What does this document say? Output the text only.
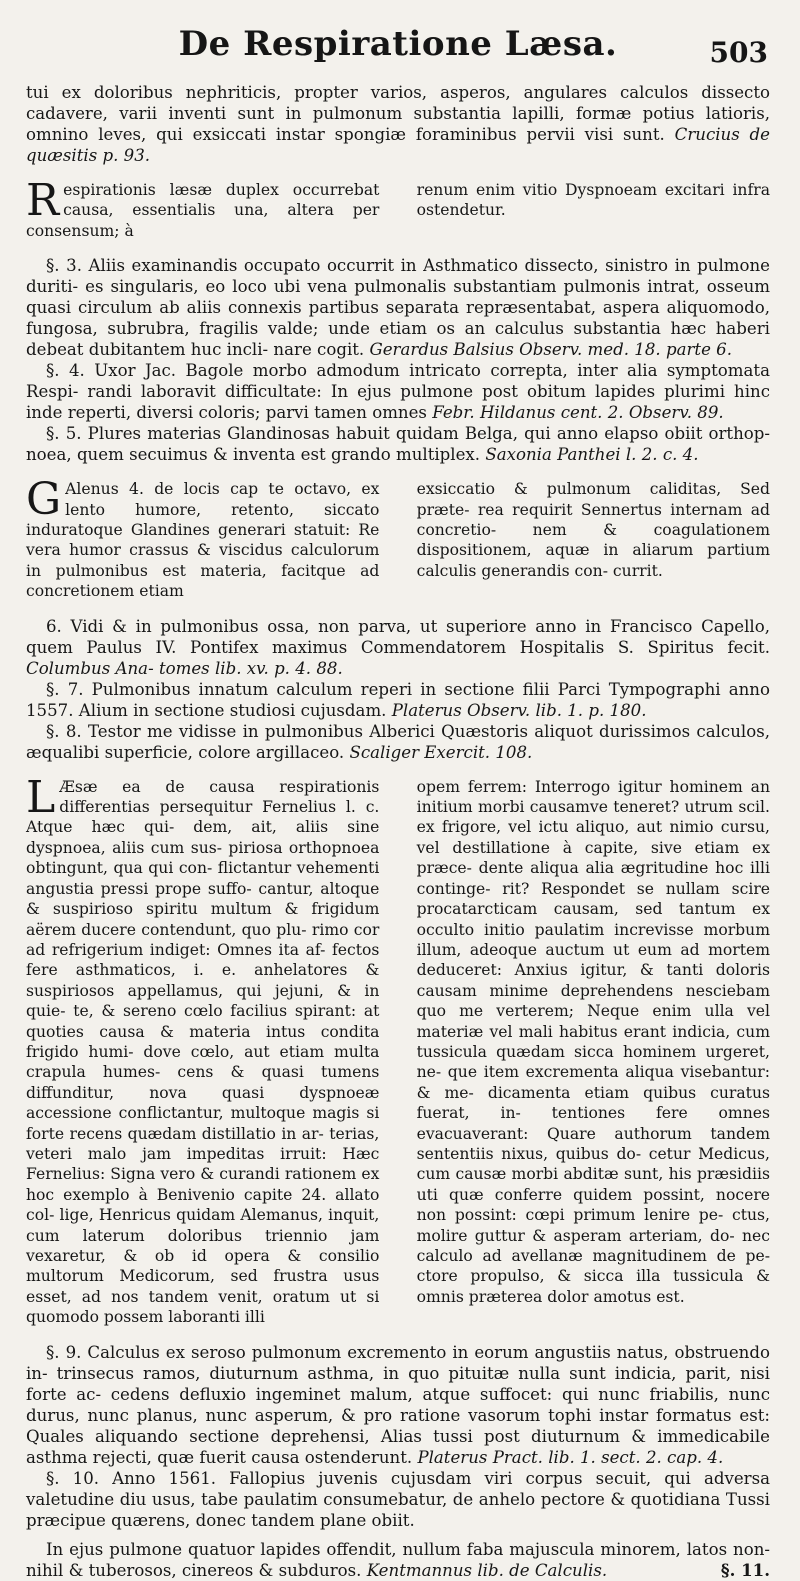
De Respiratione Læsa.	503

tui ex doloribus nephriticis, propter varios, asperos, angulares calculos dissecto cadavere, varii inventi sunt in pulmonum substantia lapilli, formæ potius latioris, omnino leves, qui exsiccati instar spongiæ foraminibus pervii visi sunt. Crucius de quæsitis p. 93.

Respirationis læsæ duplex occurrebat causa, essentialis una, altera per consensum; à
renum enim vitio Dyspnoeam excitari infra ostendetur.

§. 3. Aliis examinandis occupato occurrit in Asthmatico dissecto, sinistro in pulmone duriti- es singularis, eo loco ubi vena pulmonalis substantiam pulmonis intrat, osseum quasi circulum ab aliis connexis partibus separata repræsentabat, aspera aliquomodo, fungosa, subrubra, fragilis valde; unde etiam os an calculus substantia hæc haberi debeat dubitantem huc incli- nare cogit. Gerardus Balsius Observ. med. 18. parte 6.

§. 4. Uxor Jac. Bagole morbo admodum intricato correpta, inter alia symptomata Respi- randi laboravit difficultate: In ejus pulmone post obitum lapides plurimi hinc inde reperti, diversi coloris; parvi tamen omnes Febr. Hildanus cent. 2. Observ. 89.

§. 5. Plures materias Glandinosas habuit quidam Belga, qui anno elapso obiit orthop- noea, quem secuimus & inventa est grando multiplex. Saxonia Panthei l. 2. c. 4.

G Alenus 4. de locis cap te octavo, ex lento humore, retento, siccato induratoque Glandines generari statuit: Re vera humor crassus & viscidus calculorum in pulmonibus est materia, facitque ad concretionem etiam
exsiccatio & pulmonum caliditas, Sed præte- rea requirit Sennertus internam ad concretio- nem & coagulationem dispositionem, aquæ in aliarum partium calculis generandis con- currit.

6. Vidi & in pulmonibus ossa, non parva, ut superiore anno in Francisco Capello, quem Paulus IV. Pontifex maximus Commendatorem Hospitalis S. Spiritus fecit. Columbus Ana- tomes lib. xv. p. 4. 88.

§. 7. Pulmonibus innatum calculum reperi in sectione filii Parci Tympographi anno 1557. Alium in sectione studiosi cujusdam. Platerus Observ. lib. 1. p. 180.

§. 8. Testor me vidisse in pulmonibus Alberici Quæstoris aliquot durissimos calculos, æqualibi superficie, colore argillaceo. Scaliger Exercit. 108.

L Æsæ ea de causa respirationis differentias persequitur Fernelius l. c. Atque hæc qui- dem, ait, aliis sine dyspnoea, aliis cum sus- piriosa orthopnoea obtingunt, qua qui con- flictantur vehementi angustia pressi prope suffo- cantur, altoque & suspirioso spiritu multum & frigidum aërem ducere contendunt, quo plu- rimo cor ad refrigerium indiget: Omnes ita af- fectos fere asthmaticos, i. e. anhelatores & suspiriosos appellamus, qui jejuni, & in quie- te, & sereno cœlo facilius spirant: at quoties causa & materia intus condita frigido humi- dove cœlo, aut etiam multa crapula humes- cens & quasi tumens diffunditur, nova quasi dyspnoeæ accessione conflictantur, multoque magis si forte recens quædam distillatio in ar- terias, veteri malo jam impeditas irruit: Hæc Fernelius: Signa vero & curandi rationem ex hoc exemplo à Benivenio capite 24. allato col- lige, Henricus quidam Alemanus, inquit, cum laterum doloribus triennio jam vexaretur, & ob id opera & consilio multorum Medicorum, sed frustra usus esset, ad nos tandem venit, oratum ut si quomodo possem laboranti illi
opem ferrem: Interrogo igitur hominem an initium morbi causamve teneret? utrum scil. ex frigore, vel ictu aliquo, aut nimio cursu, vel destillatione à capite, sive etiam ex præce- dente aliqua alia ægritudine hoc illi continge- rit? Respondet se nullam scire procatarcticam causam, sed tantum ex occulto initio paulatim increvisse morbum illum, adeoque auctum ut eum ad mortem deduceret: Anxius igitur, & tanti doloris causam minime deprehendens nesciebam quo me verterem; Neque enim ulla vel materiæ vel mali habitus erant indicia, cum tussicula quædam sicca hominem urgeret, ne- que item excrementa aliqua visebantur: & me- dicamenta etiam quibus curatus fuerat, in- tentiones fere omnes evacuaverant: Quare authorum tandem sententiis nixus, quibus do- cetur Medicus, cum causæ morbi abditæ sunt, his præsidiis uti quæ conferre quidem possint, nocere non possint: cœpi primum lenire pe- ctus, molire guttur & asperam arteriam, do- nec calculo ad avellanæ magnitudinem de pe- ctore propulso, & sicca illa tussicula & omnis præterea dolor amotus est.

§. 9. Calculus ex seroso pulmonum excremento in eorum angustiis natus, obstruendo in- trinsecus ramos, diuturnum asthma, in quo pituitæ nulla sunt indicia, parit, nisi forte ac- cedens defluxio ingeminet malum, atque suffocet: qui nunc friabilis, nunc durus, nunc planus, nunc asperum, & pro ratione vasorum tophi instar formatus est: Quales aliquando sectione deprehensi, Alias tussi post diuturnum & immedicabile asthma rejecti, quæ fuerit causa ostenderunt. Platerus Pract. lib. 1. sect. 2. cap. 4.

§. 10. Anno 1561. Fallopius juvenis cujusdam viri corpus secuit, qui adversa valetudine diu usus, tabe paulatim consumebatur, de anhelo pectore & quotidiana Tussi præcipue quærens, donec tandem plane obiit.

In ejus pulmone quatuor lapides offendit, nullum faba majuscula minorem, latos non- nihil & tuberosos, cinereos & subduros. Kentmannus lib. de Calculis.	§. 11.
